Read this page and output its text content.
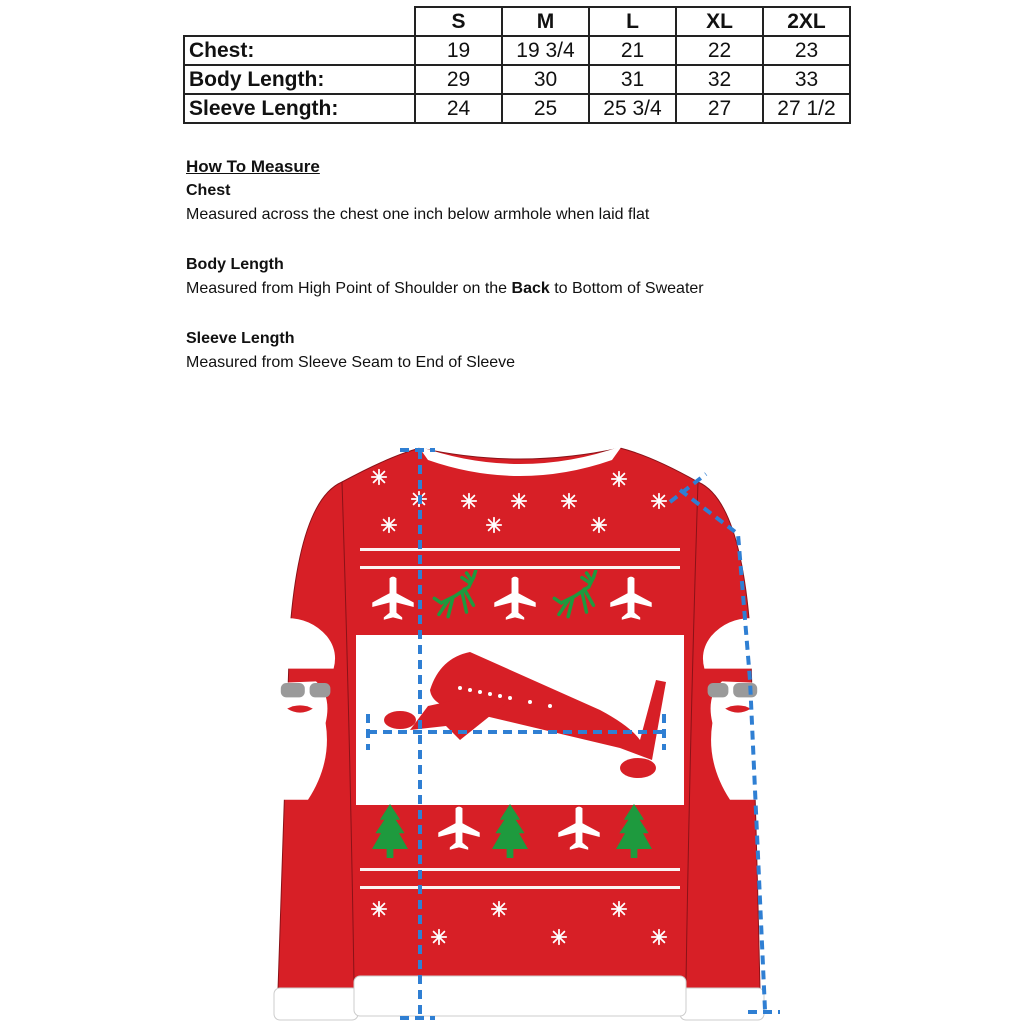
	S	M	L	XL	2XL
Chest:	19	19 3/4	21	22	23
Body Length:	29	30	31	32	33
Sleeve Length:	24	25	25 3/4	27	27 1/2
How To Measure
Chest
Measured across the chest one inch below armhole when laid flat
Body Length
Measured from High Point of Shoulder on the Back to Bottom of Sweater
Sleeve Length
Measured from Sleeve Seam to End of Sleeve
